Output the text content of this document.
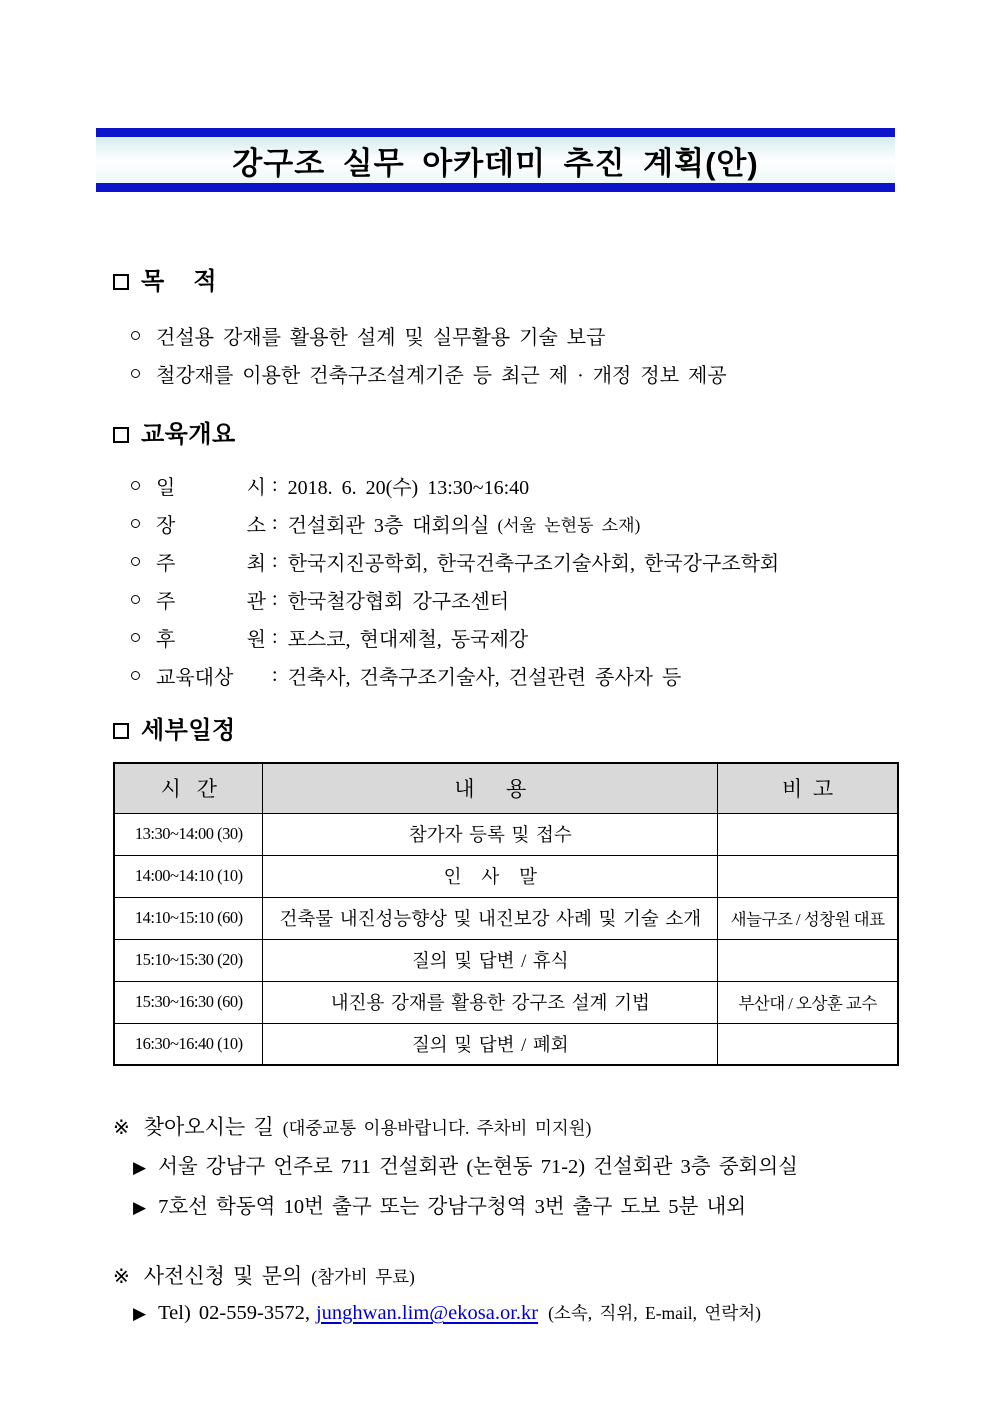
강구조 실무 아카데미 추진 계획(안)
목    적
건설용 강재를 활용한 설계 및 실무활용 기술 보급
철강재를 이용한 건축구조설계기준 등 최근 제 · 개정 정보 제공
교육개요
일 시 : 2018. 6. 20(수) 13:30~16:40
장 소 : 건설회관 3층 대회의실 (서울 논현동 소재)
주 최 : 한국지진공학회, 한국건축구조기술사회, 한국강구조학회
주 관 : 한국철강협회 강구조센터
후 원 : 포스코, 현대제철, 동국제강
교육대상	: 건축사, 건축구조기술사, 건설관련 종사자 등
세부일정
시   간	내      용	비  고
13:30~14:00 (30)	참가자 등록 및 접수	
14:00~14:10 (10)	인   사   말	
14:10~15:10 (60)	건축물 내진성능향상 및 내진보강 사례 및 기술 소개	새늘구조 / 성창원 대표
15:10~15:30 (20)	질의 및 답변 / 휴식	
15:30~16:30 (60)	내진용 강재를 활용한 강구조 설계 기법	부산대 / 오상훈 교수
16:30~16:40 (10)	질의 및 답변 / 폐회	
※ 찾아오시는 길 (대중교통 이용바랍니다. 주차비 미지원)
▶ 서울 강남구 언주로 711 건설회관 (논현동 71-2) 건설회관 3층 중회의실
▶ 7호선 학동역 10번 출구 또는 강남구청역 3번 출구 도보 5분 내외
※ 사전신청 및 문의 (참가비 무료)
▶ Tel) 02-559-3572, junghwan.lim@ekosa.or.kr (소속, 직위, E-mail, 연락처)
